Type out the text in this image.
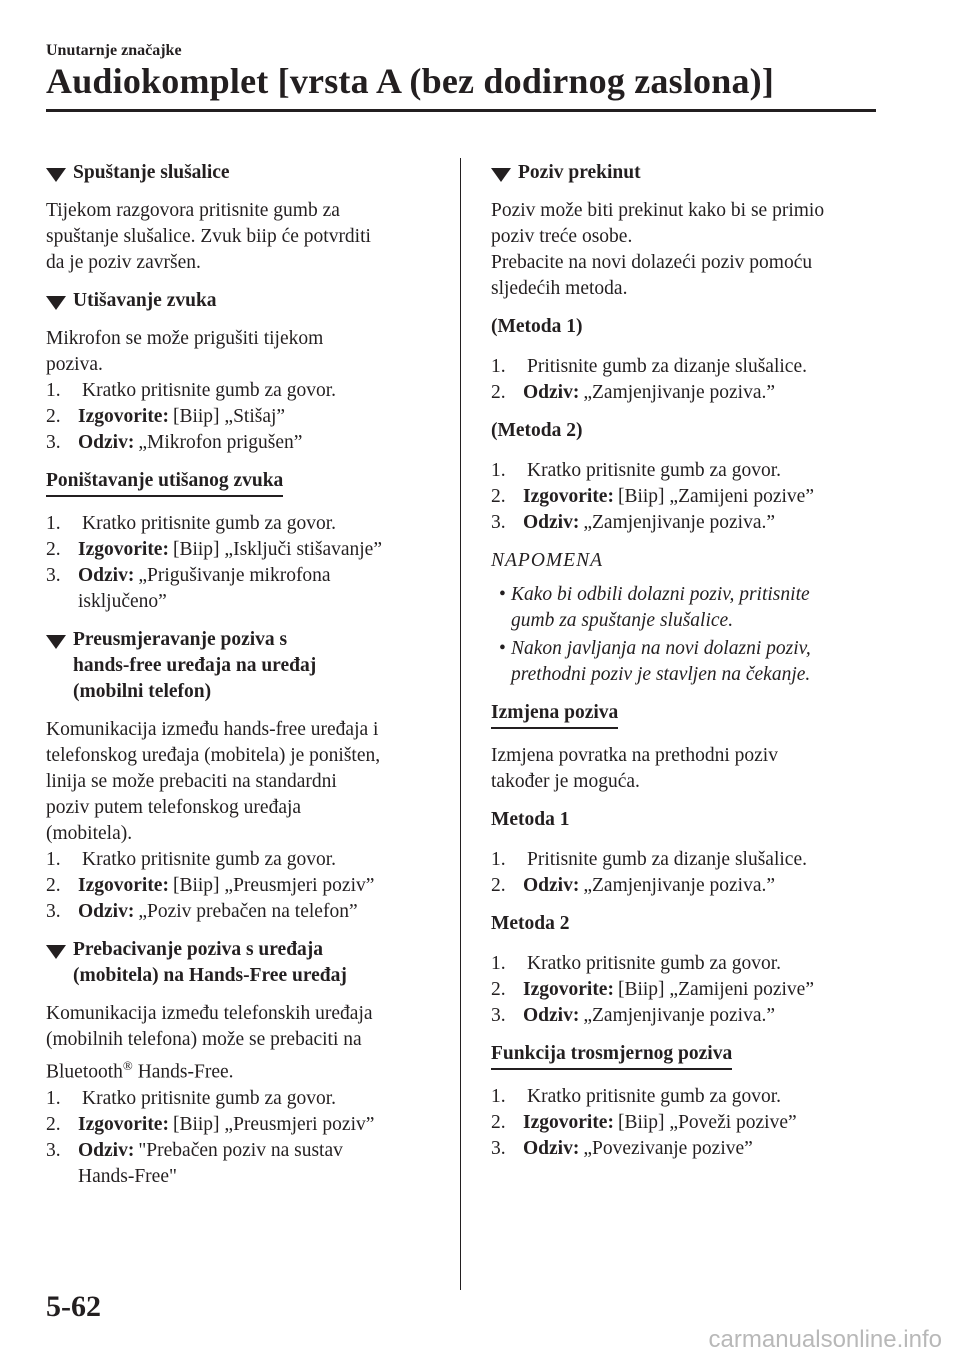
Unutarnje značajke
Audiokomplet [vrsta A (bez dodirnog zaslona)]
Spuštanje slušalice
Tijekom razgovora pritisnite gumb za
spuštanje slušalice. Zvuk biip će potvrditi
da je poziv završen.
Utišavanje zvuka
Mikrofon se može prigušiti tijekom
poziva.
1.	Kratko pritisnite gumb za govor.
2. Izgovorite: [Biip] „Stišaj”
3. Odziv: „Mikrofon prigušen”
Poništavanje utišanog zvuka
1.	Kratko pritisnite gumb za govor.
2. Izgovorite: [Biip] „Isključi stišavanje”
3. Odziv: „Prigušivanje mikrofona isključeno”
Preusmjeravanje poziva s
hands-free uređaja na uređaj
(mobilni telefon)
Komunikacija između hands-free uređaja i
telefonskog uređaja (mobitela) je poništen,
linija se može prebaciti na standardni
poziv putem telefonskog uređaja
(mobitela).
1.	Kratko pritisnite gumb za govor.
2. Izgovorite: [Biip] „Preusmjeri poziv”
3. Odziv: „Poziv prebačen na telefon”
Prebacivanje poziva s uređaja
(mobitela) na Hands-Free uređaj
Komunikacija između telefonskih uređaja
(mobilnih telefona) može se prebaciti na
Bluetooth® Hands-Free.
1.	Kratko pritisnite gumb za govor.
2. Izgovorite: [Biip] „Preusmjeri poziv”
3. Odziv: "Prebačen poziv na sustav Hands-Free"
Poziv prekinut
Poziv može biti prekinut kako bi se primio
poziv treće osobe.
Prebacite na novi dolazeći poziv pomoću
sljedećih metoda.
(Metoda 1)
1.	Pritisnite gumb za dizanje slušalice.
2. Odziv: „Zamjenjivanje poziva.”
(Metoda 2)
1.	Kratko pritisnite gumb za govor.
2. Izgovorite: [Biip] „Zamijeni pozive”
3. Odziv: „Zamjenjivanje poziva.”
NAPOMENA
• Kako bi odbili dolazni poziv, pritisnite
gumb za spuštanje slušalice.
• Nakon javljanja na novi dolazni poziv,
prethodni poziv je stavljen na čekanje.
Izmjena poziva
Izmjena povratka na prethodni poziv
također je moguća.
Metoda 1
1.	Pritisnite gumb za dizanje slušalice.
2. Odziv: „Zamjenjivanje poziva.”
Metoda 2
1.	Kratko pritisnite gumb za govor.
2. Izgovorite: [Biip] „Zamijeni pozive”
3. Odziv: „Zamjenjivanje poziva.”
Funkcija trosmjernog poziva
1.	Kratko pritisnite gumb za govor.
2. Izgovorite: [Biip] „Poveži pozive”
3. Odziv: „Povezivanje pozive”
5-62
carmanualsonline.info
